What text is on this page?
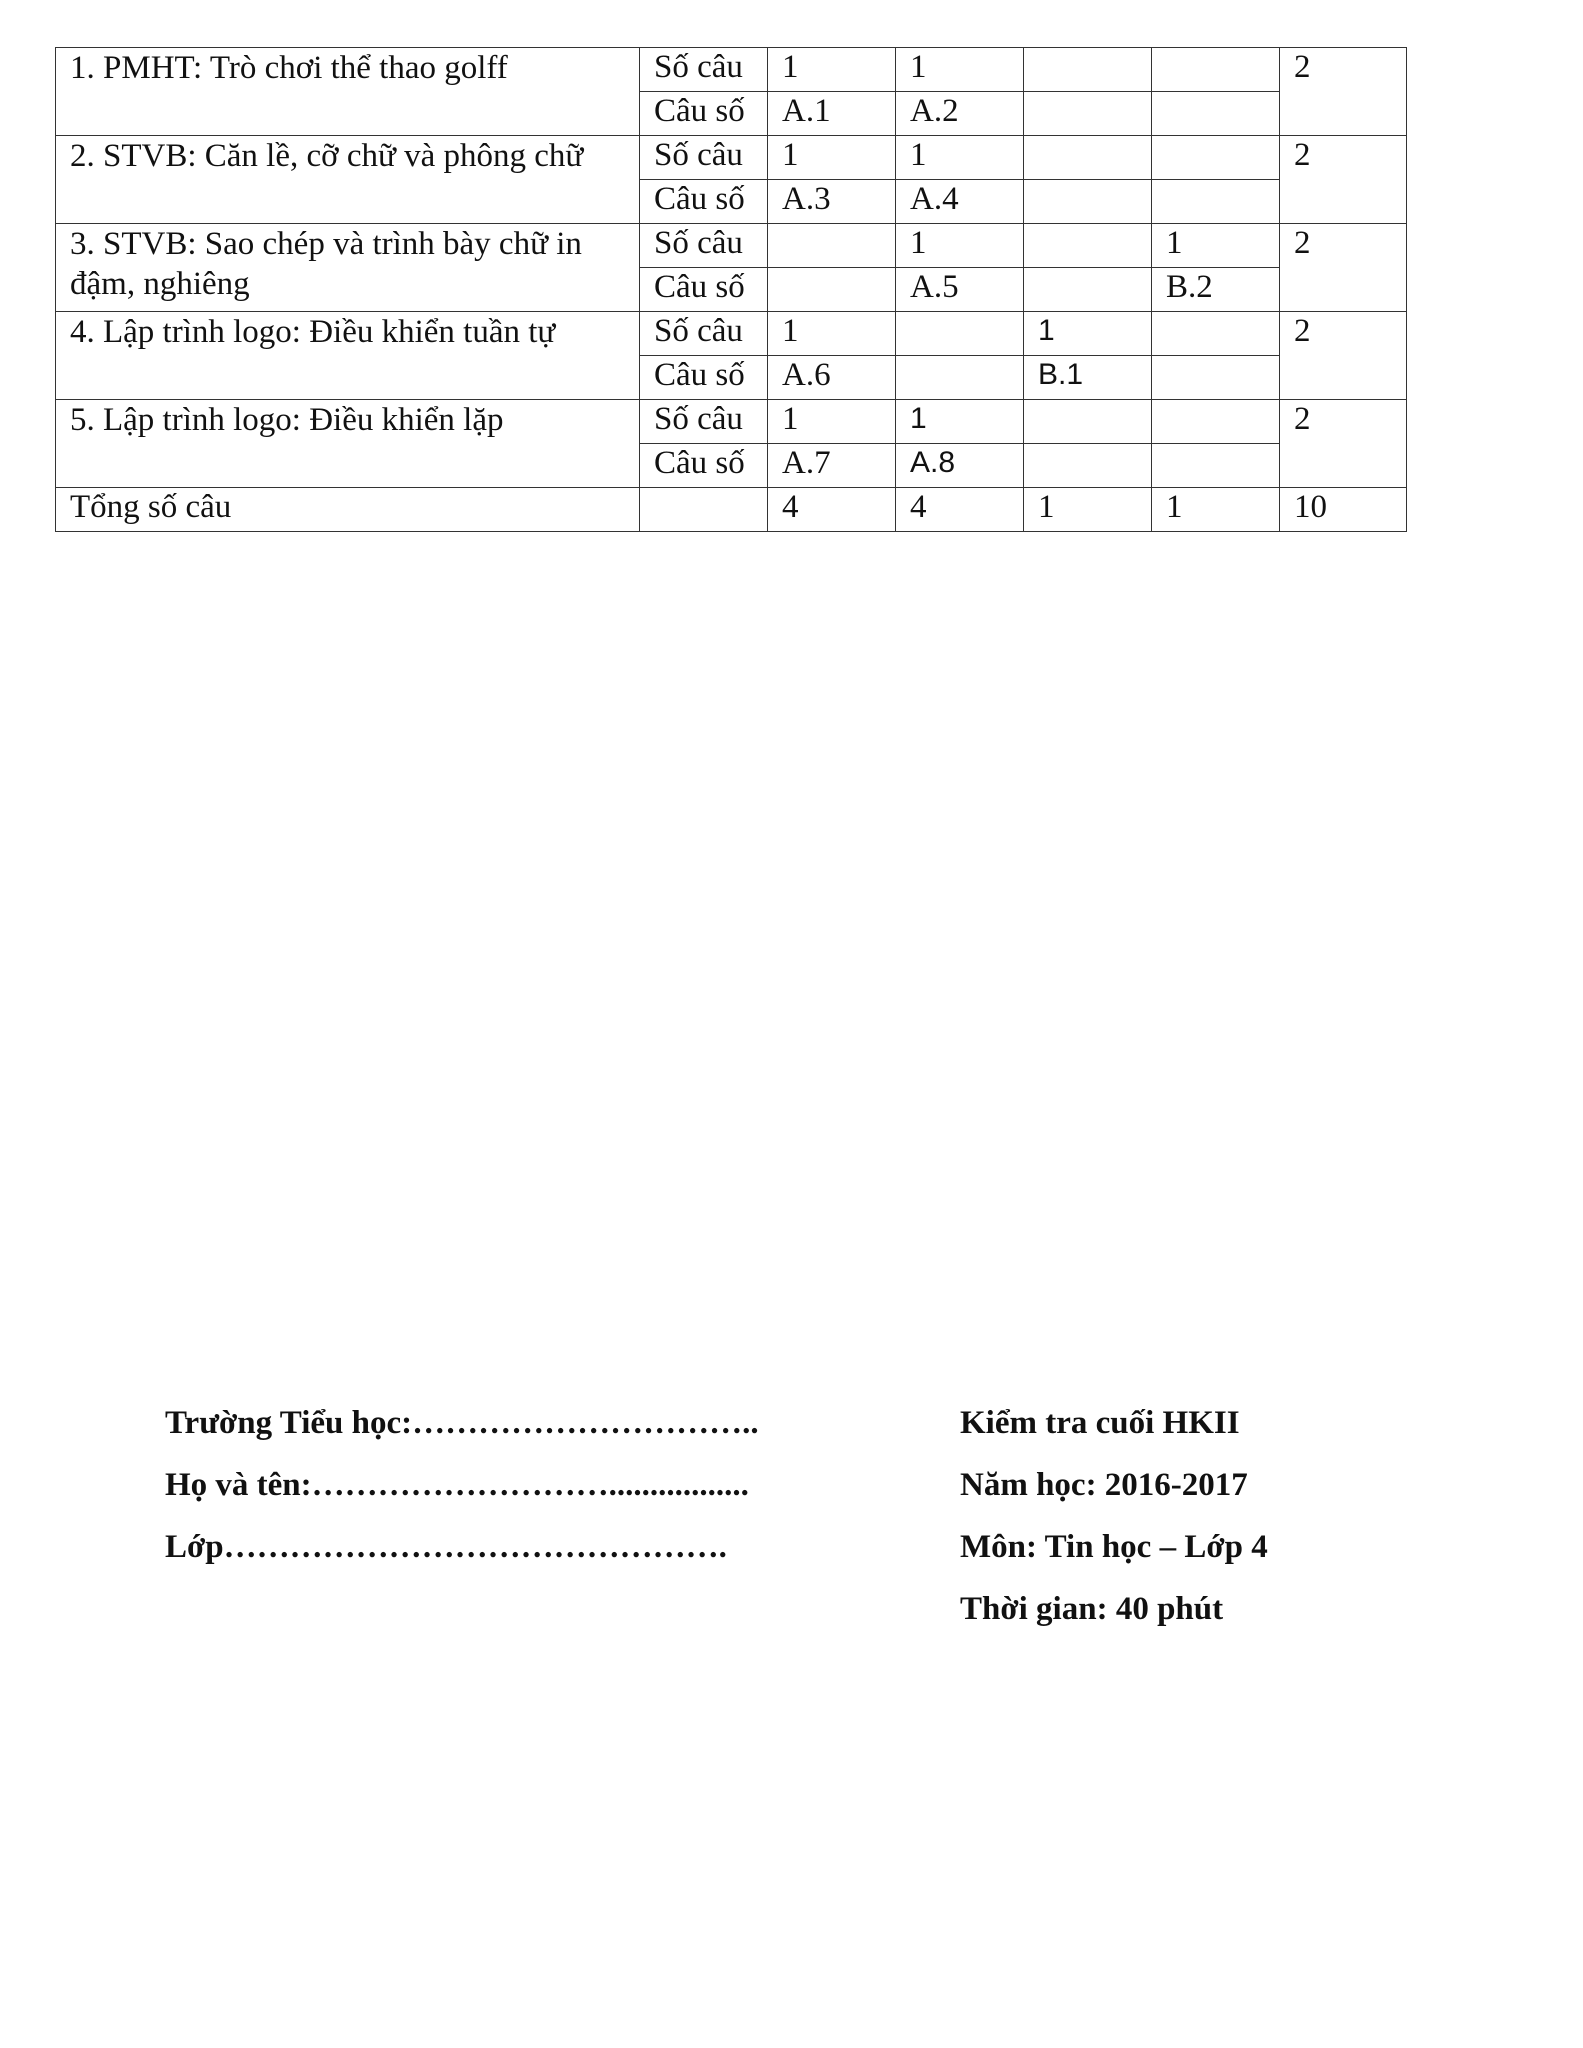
1. PMHT: Trò chơi thể thao golff	Số câu	1	1			2
	Câu số	A.1	A.2			
2. STVB: Căn lề, cỡ chữ và phông chữ	Số câu	1	1			2
	Câu số	A.3	A.4			
3. STVB: Sao chép và trình bày chữ in đậm, nghiêng	Số câu		1		1	2
	Câu số		A.5		B.2	
4. Lập trình logo: Điều khiển tuần tự	Số câu	1		1		2
	Câu số	A.6		B.1		
5. Lập trình logo: Điều khiển lặp	Số câu	1	1			2
	Câu số	A.7	A.8			
Tổng số câu		4	4	1	1	10
Trường Tiểu học:…………………………..
Họ và tên:……………………….................
Lớp……………………………………….
Kiểm tra cuối HKII
Năm học: 2016-2017
Môn: Tin học – Lớp 4
Thời gian: 40 phút
